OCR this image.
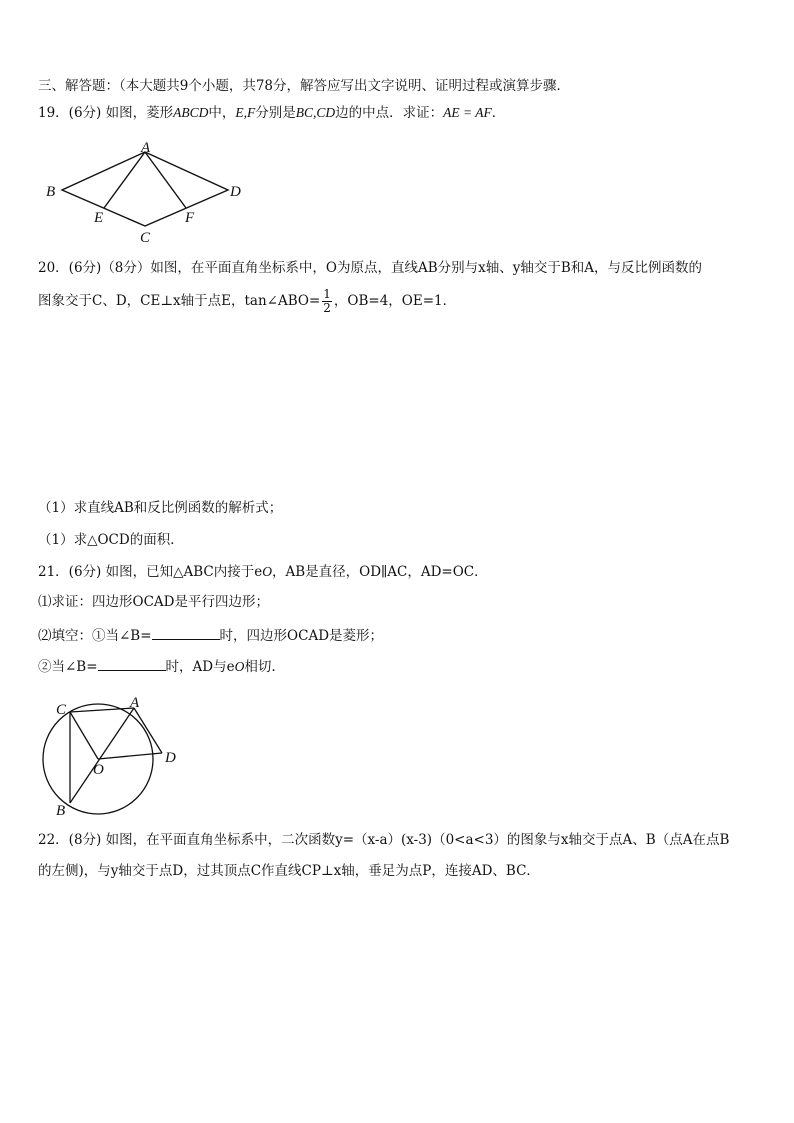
三、解答题：（本大题共9个小题，共78分，解答应写出文字说明、证明过程或演算步骤．
19．(6分) 如图，菱形ABCD中，E,F分别是BC,CD边的中点．求证：AE = AF．
A
B
C
D
E	F
20．(6分)（8分）如图，在平面直角坐标系中，O为原点，直线AB分别与x轴、y轴交于B和A，与反比例函数的
图象交于C、D，CE⊥x轴于点E，tan∠ABO= $\frac{1}{2}$ ，OB=4，OE=1．
（1）求直线AB和反比例函数的解析式；
（1）求△OCD的面积．
21．(6分) 如图，已知△ABC内接于eO，AB是直径，OD∥AC，AD=OC．
⑴求证：四边形OCAD是平行四边形；
⑵填空：①当∠B=	时，四边形OCAD是菱形；
②当∠B=	时，AD与eO相切.
C	A
O
D
B
22．(8分) 如图，在平面直角坐标系中，二次函数y=（x-a）(x-3)（0<a<3）的图象与x轴交于点A、B（点A在点B
的左侧)，与y轴交于点D，过其顶点C作直线CP⊥x轴，垂足为点P，连接AD、BC．
